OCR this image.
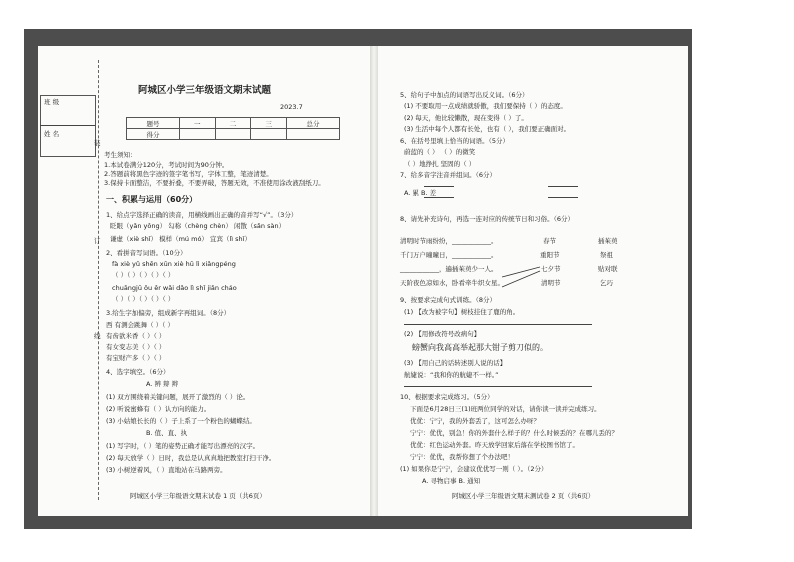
班 级
姓 名
装
订
线
阿城区小学三年级语文期末试题
2023.7
题号	一	二	三	总分
得分				
考生须知：
1.本试卷满分120分，考试时间为90分钟。
2.答题前将黑色字迹的签字笔书写，字体工整，笔迹清楚。
3.保持卡面整洁，不要折叠，不要弄破，答题无效，不准使用涂改液刮纸刀。
一、积累与运用（60分）
1、给点字选择正确的读音，用横线画出正确的音并写“√”。（3分）
眨眼（yǎn yǒng） 勾称（chèng chèn） 闲散（sǎn sàn）
谦虚（xiè shǐ） 模样（mú mó） 宜宾（lì shǐ）
2、看拼音写词语。（10分）
fà xiè yǔ shēn xūn xiè hū lì xiǎngpéng
（ ）（ ）（ ）（ ）（ ）
chuāngjū ǒu ěr wǎi dǎo lì shǐ jiǎn cháo
（ ）（ ）（ ）（ ）（ ）
3.给生字加偏旁，组成新字再组词。（8分）
西 有测会跳舞（ ）（ ）
有齿欲米香（ ）（ ）
有女变志美（ ）（ ）
有宝财产多（ ）（ ）
4、选字填空。（6分）
A. 辨 辩 辫
(1) 双方围绕着关键问题，展开了激烈的（ ）论。
(2) 听说蜜蜂有（ ）认方向的能力。
(3) 小姑娘长长的（ ）子上系了一个粉色的蝴蝶结。
B. 值、直、执
(1) 写字时，（ ）笔的姿势正确才能写出漂亮的汉字。
(2) 每天放学（ ）日时，我总是认真真地把教室打扫干净。
(3) 小树逆着风，（ ）直地站在马路两旁。
阿城区小学三年级语文期末试卷 1 页（共6页）
5、给句子中加点的词语写出反义词。（6分）
(1) 不要取用一点成绩就骄傲，我们要保持（ ）的态度。
(2) 每天，他比较懒散，现在变得（ ）了。
(3) 生活中每个人都有长处，也有（ ），我们要正确面对。
6、在括号里填上恰当的词语。（5分）
蔚蓝的（ ） （ ）的微笑
（ ）地挣扎 坚固的（ ）
7、给多音字注音并组词。（6分）
A. 累 B. 差
8、请先补充诗句，再选一连对应的传统节日和习俗。（6分）
清明时节雨纷纷，____________。
千门万户曈曈日，____________。
____________，遍插茱萸少一人。
天阶夜色凉如水，卧看牵牛织女星。
春节
重阳节
七夕节
清明节
插茱萸
祭祖
贴对联
乞巧
9、按要求完成句式训练。（8分）
(1) 【改为被字句】树枝挂住了鹿的角。
(2) 【用修改符号改病句】
螃蟹向我高高举起那大钳子剪刀似的。
(3) 【用自己的话转述别人说的话】
航婕说：“我和你的航婕不一样。”
10、根据要求完成练习。（5分）
下面是6月28日三(1)班两位同学的对话，请你读一读并完成练习。
优优：宁宁，我的外套丢了，这可怎么办呀？
宁宁：优优，别急！你的外套什么样子的？什么时候丢的？在哪儿丢的？
优优：红色运动外套。昨天放学回家后落在学校图书馆了。
宁宁：优优，我帮你想了个办法吧！
(1) 如果你是宁宁，会建议优优写一则（ ）。（2分）
A. 寻物启事 B. 通知
阿城区小学三年级语文期末测试卷 2 页（共6页）
